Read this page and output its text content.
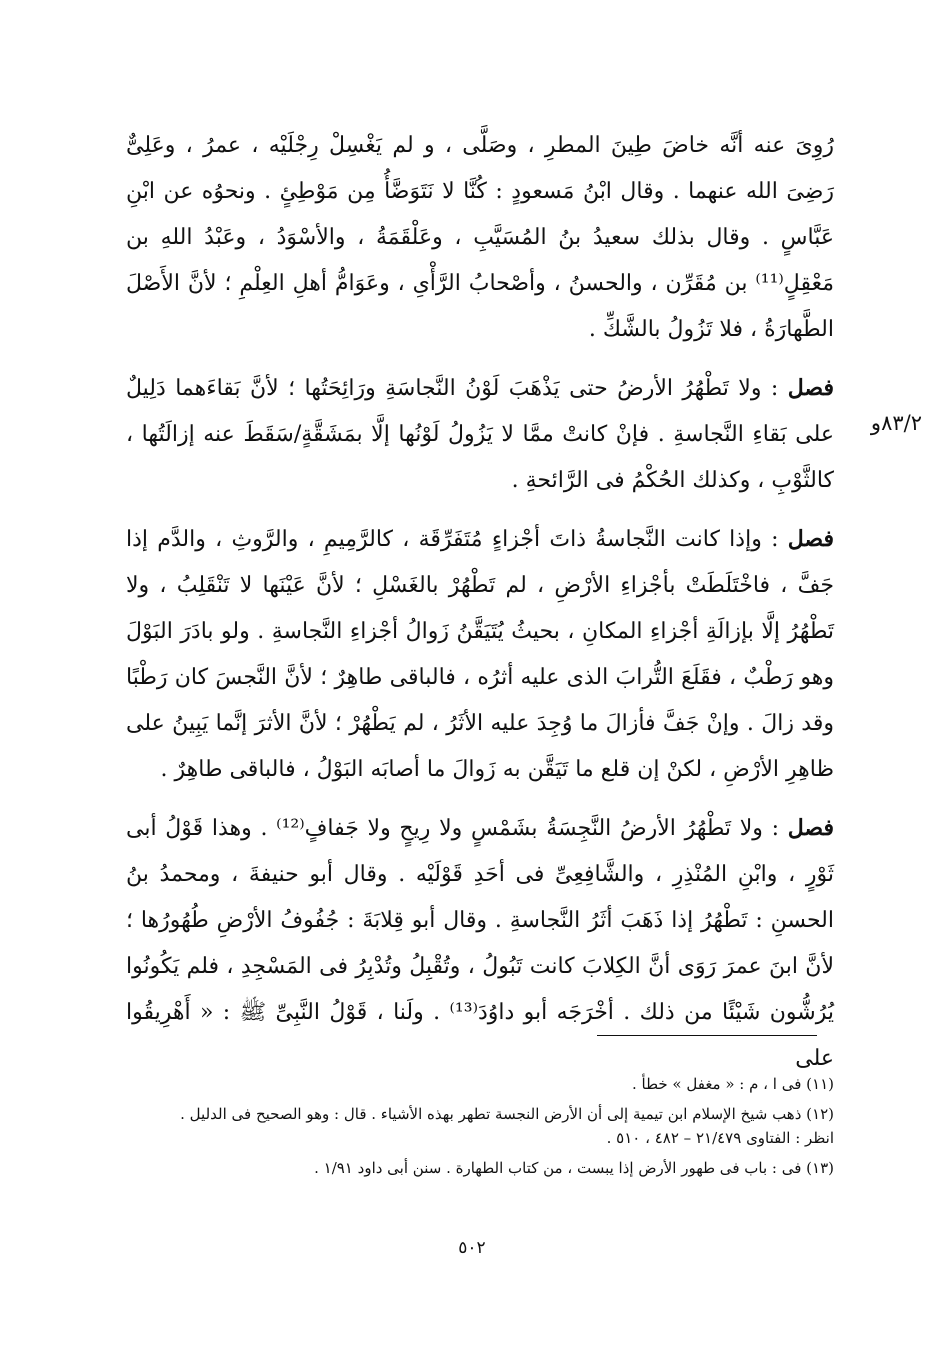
٨٣/٢و

رُوِىَ عنه أنَّه خاضَ طِينَ المطرِ ، وصَلَّى ، و لم يَغْسِلْ رِجْلَيْه ، عمرُ ، وعَلِىٌّ رَضِىَ الله عنهما . وقال ابْنُ مَسعودٍ : كُنَّا لا نَتَوَضَّأُ مِن مَوْطِئٍ . ونحوُه عن ابْنِ عَبَّاسٍ . وقال بذلك سعيدُ بنُ المُسَيَّبِ ، وعَلْقَمَةُ ، والأسْوَدُ ، وعَبْدُ اللهِ بن مَعْقِلٍ⁽¹¹⁾ بن مُقَرِّن ، والحسنُ ، وأصْحابُ الرَّأْىِ ، وعَوَامُّ أهلِ العِلْمِ ؛ لأنَّ الأَصْلَ الطَّهارَةُ ، فلا تَزُولُ بالشَّكِّ .

فصل : ولا تَطْهُرُ الأرضُ حتى يَذْهَبَ لَوْنُ النَّجاسَةِ ورَائِحَتُها ؛ لأنَّ بَقاءَهما دَلِيلٌ على بَقاءِ النَّجاسةِ . فإنْ كانتْ ممَّا لا يَزُولُ لَوْنُها إلَّا بمَشَقَّةٍ/سَقَطَ عنه إزالَتُها ، كالثَّوْبِ ، وكذلك الحُكْمُ فى الرَّائحةِ .

فصل : وإذا كانت النَّجاسةُ ذاتَ أجْزاءٍ مُتَفَرِّقَة ، كالرَّمِيمِ ، والرَّوثِ ، والدَّم إذا جَفَّ ، فاخْتَلَطَتْ بأجْزاءِ الأرْضِ ، لم تَطْهُرْ بالغَسْلِ ؛ لأنَّ عَيْنَها لا تَنْقَلِبُ ، ولا تَطْهُرُ إلَّا بإزالَةِ أجْزاءِ المكانِ ، بحيثُ يُتَيَقَّنُ زَوالُ أجْزاءِ النَّجاسةِ . ولو بادَرَ البَوْلَ وهو رَطْبٌ ، فقَلَعَ التُّرابَ الذى عليه أثرُه ، فالباقى طاهِرٌ ؛ لأنَّ النَّجسَ كان رَطْبًا وقد زالَ . وإنْ جَفَّ فأزالَ ما وُجِدَ عليه الأثَرُ ، لم يَطْهُرْ ؛ لأنَّ الأثرَ إنَّما يَبِينُ على ظاهِرِ الأرْضِ ، لكنْ إن قلع ما تَيَقَّن به زَوالَ ما أصابَه البَوْلُ ، فالباقى طاهِرٌ .

فصل : ولا تَطْهُرُ الأرضُ النَّجِسَةُ بشَمْسٍ ولا رِيحٍ ولا جَفافٍ⁽¹²⁾ . وهذا قَوْلُ أبى ثَوْرٍ ، وابْنِ المُنْذِرِ ، والشَّافِعِىِّ فى أحَدِ قَوْلَيْه . وقال أبو حنيفةَ ، ومحمدُ بنُ الحسنِ : تَطْهُرُ إذا ذَهَبَ أثَرُ النَّجاسةِ . وقال أبو قِلابَةَ : جُفُوفُ الأرْضِ طُهُورُها ؛ لأنَّ ابنَ عمرَ رَوَى أنَّ الكِلابَ كانت تَبُولُ ، وتُقْبِلُ وتُدْبِرُ فى المَسْجِدِ ، فلم يَكُونُوا يُرُشُّون شَيْئًا من ذلك . أخْرَجَه أبو داوُدَ⁽¹³⁾ . ولَنا ، قَوْلُ النَّبِىِّ ﷺ : « أَهْرِيقُوا على

(١١) فى ا ، م : « مغفل » خطأ .
(١٢) ذهب شيخ الإسلام ابن تيمية إلى أن الأرض النجسة تطهر بهذه الأشياء . قال : وهو الصحيح فى الدليل .
انظر : الفتاوى ٢١/٤٧٩ – ٤٨٢ ، ٥١٠ .
(١٣) فى : باب فى طهور الأرض إذا يبست ، من كتاب الطهارة . سنن أبى داود ١/٩١ .
٥٠٢
